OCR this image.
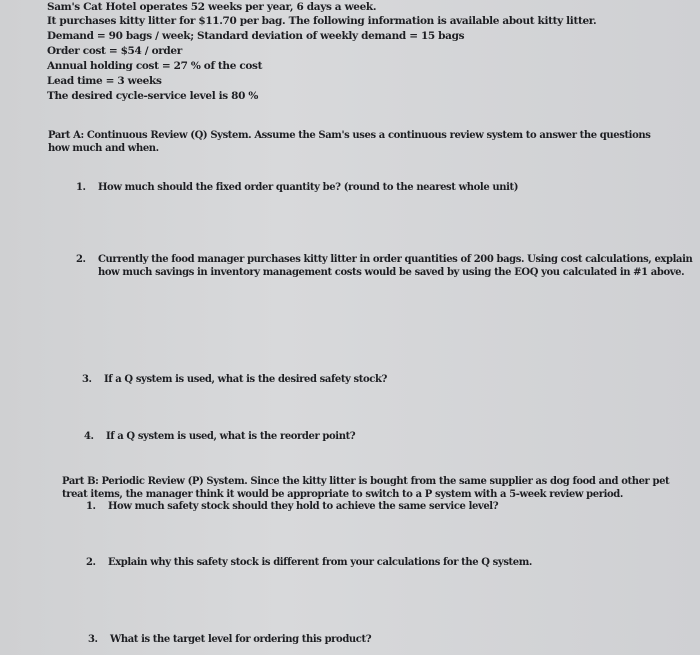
Sam's Cat Hotel operates 52 weeks per year, 6 days a week.
It purchases kitty litter for $11.70 per bag. The following information is available about kitty litter.
Demand = 90 bags / week; Standard deviation of weekly demand = 15 bags
Order cost = $54 / order
Annual holding cost = 27 % of the cost
Lead time = 3 weeks
The desired cycle-service level is 80 %
Part A: Continuous Review (Q) System. Assume the Sam's uses a continuous review system to answer the questions
how much and when.
1. How much should the fixed order quantity be? (round to the nearest whole unit)
2. Currently the food manager purchases kitty litter in order quantities of 200 bags. Using cost calculations, explain
how much savings in inventory management costs would be saved by using the EOQ you calculated in #1 above.
3. If a Q system is used, what is the desired safety stock?
4. If a Q system is used, what is the reorder point?
Part B: Periodic Review (P) System. Since the kitty litter is bought from the same supplier as dog food and other pet
treat items, the manager think it would be appropriate to switch to a P system with a 5-week review period.
1. How much safety stock should they hold to achieve the same service level?
2. Explain why this safety stock is different from your calculations for the Q system.
3. What is the target level for ordering this product?
